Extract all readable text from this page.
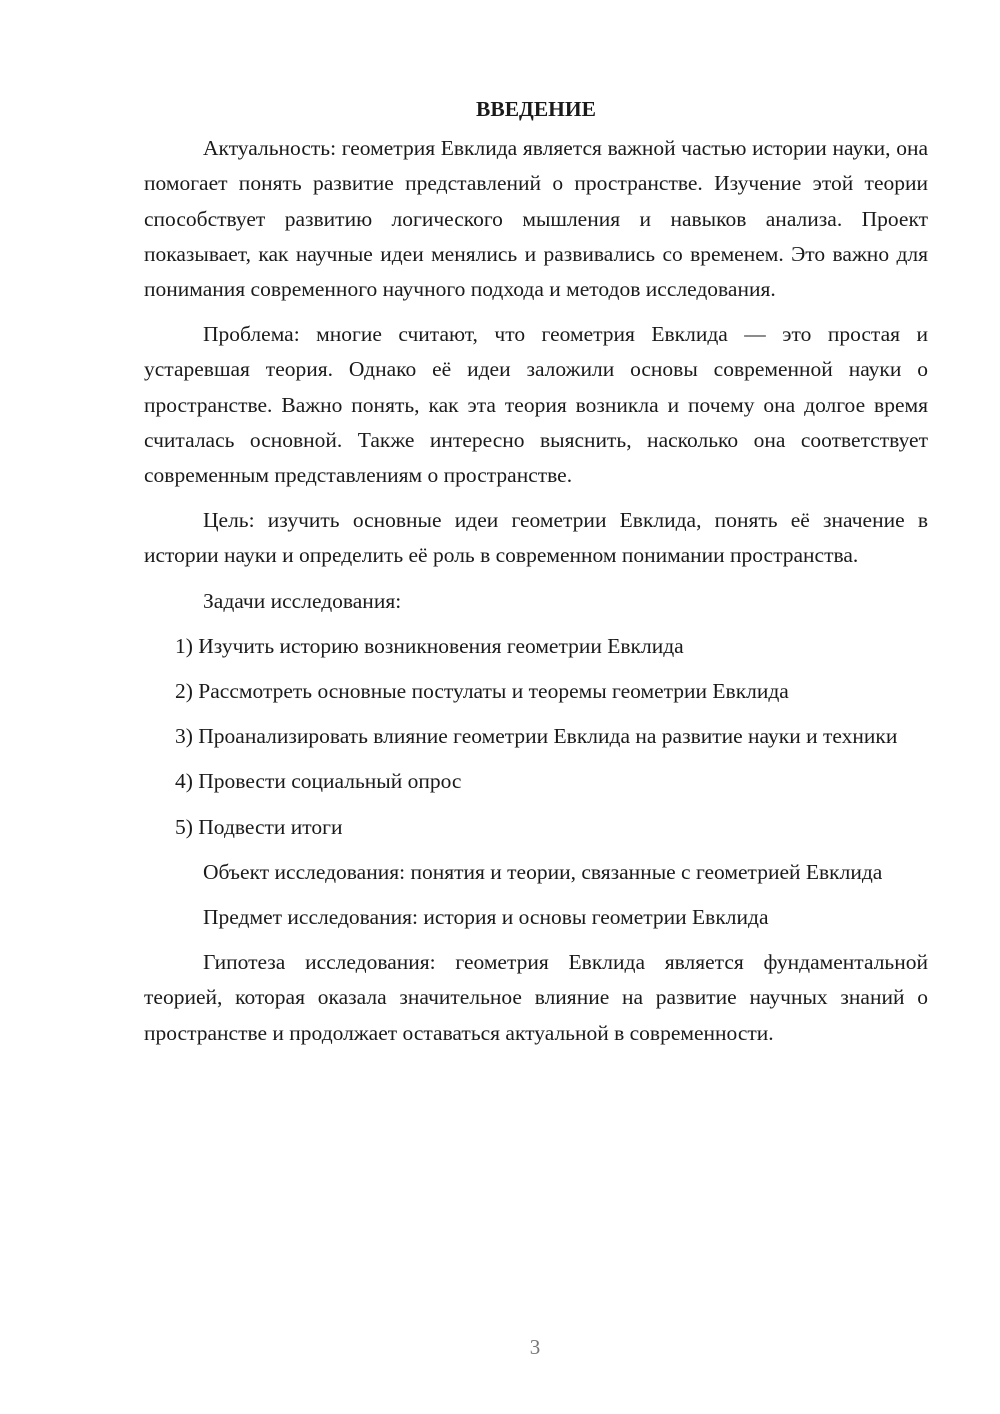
ВВЕДЕНИЕ

Актуальность: геометрия Евклида является важной частью истории науки, она помогает понять развитие представлений о пространстве. Изучение этой теории способствует развитию логического мышления и навыков анализа. Проект показывает, как научные идеи менялись и развивались со временем. Это важно для понимания современного научного подхода и методов исследования.

Проблема: многие считают, что геометрия Евклида — это простая и устаревшая теория. Однако её идеи заложили основы современной науки о пространстве. Важно понять, как эта теория возникла и почему она долгое время считалась основной. Также интересно выяснить, насколько она соответствует современным представлениям о пространстве.

Цель: изучить основные идеи геометрии Евклида, понять её значение в истории науки и определить её роль в современном понимании пространства.

Задачи исследования:

1) Изучить историю возникновения геометрии Евклида

2) Рассмотреть основные постулаты и теоремы геометрии Евклида

3) Проанализировать влияние геометрии Евклида на развитие науки и техники

4) Провести социальный опрос

5) Подвести итоги

Объект исследования: понятия и теории, связанные с геометрией Евклида

Предмет исследования: история и основы геометрии Евклида

Гипотеза исследования: геометрия Евклида является фундаментальной теорией, которая оказала значительное влияние на развитие научных знаний о пространстве и продолжает оставаться актуальной в современности.

3
